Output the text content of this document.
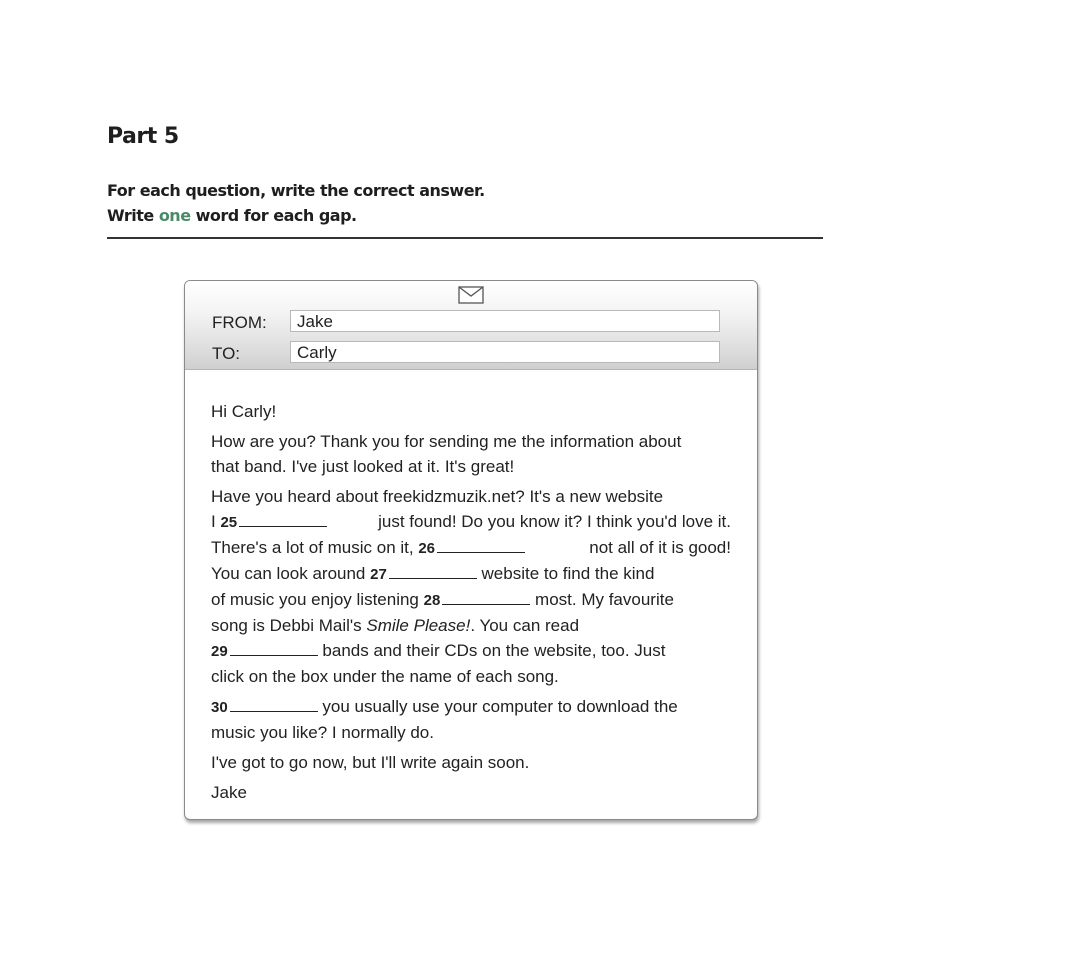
Part 5
For each question, write the correct answer.
Write one word for each gap.
FROM:	Jake
TO:	Carly

Hi Carly!

How are you? Thank you for sending me the information about
that band. I've just looked at it. It's great!

Have you heard about freekidzmuzik.net? It's a new website
I 25	just found! Do you know it? I think you'd love it.
There's a lot of music on it, 26	not all of it is good!
You can look around 27	website to find the kind
of music you enjoy listening 28	most. My favourite
song is Debbi Mail's Smile Please!. You can read
29	bands and their CDs on the website, too. Just
click on the box under the name of each song.

30	you usually use your computer to download the
music you like? I normally do.

I've got to go now, but I'll write again soon.

Jake
